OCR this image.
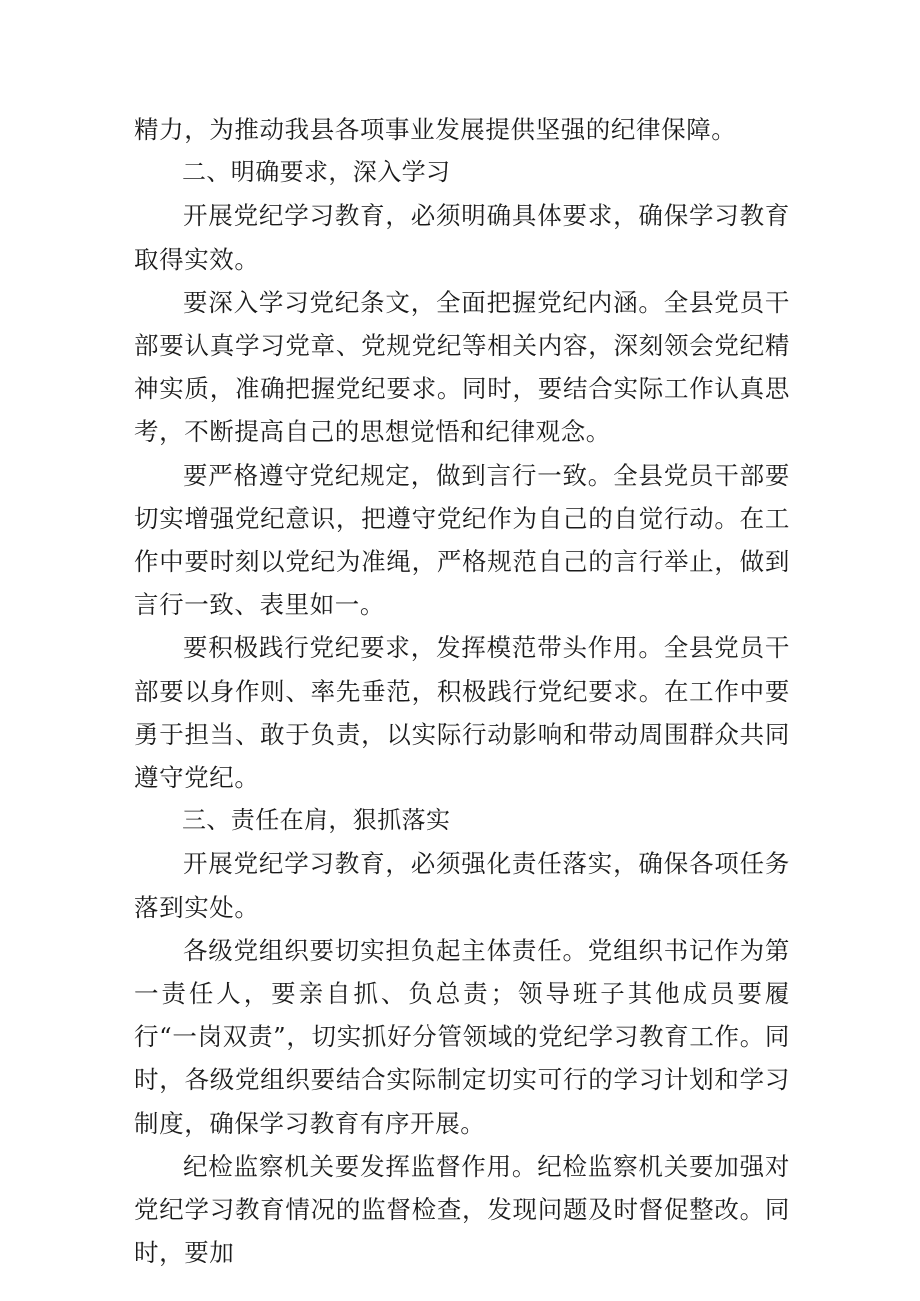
精力，为推动我县各项事业发展提供坚强的纪律保障。

二、明确要求，深入学习

开展党纪学习教育，必须明确具体要求，确保学习教育取得实效。

要深入学习党纪条文，全面把握党纪内涵。全县党员干部要认真学习党章、党规党纪等相关内容，深刻领会党纪精神实质，准确把握党纪要求。同时，要结合实际工作认真思考，不断提高自己的思想觉悟和纪律观念。

要严格遵守党纪规定，做到言行一致。全县党员干部要切实增强党纪意识，把遵守党纪作为自己的自觉行动。在工作中要时刻以党纪为准绳，严格规范自己的言行举止，做到言行一致、表里如一。

要积极践行党纪要求，发挥模范带头作用。全县党员干部要以身作则、率先垂范，积极践行党纪要求。在工作中要勇于担当、敢于负责，以实际行动影响和带动周围群众共同遵守党纪。

三、责任在肩，狠抓落实

开展党纪学习教育，必须强化责任落实，确保各项任务落到实处。

各级党组织要切实担负起主体责任。党组织书记作为第一责任人，要亲自抓、负总责；领导班子其他成员要履行“一岗双责”，切实抓好分管领域的党纪学习教育工作。同时，各级党组织要结合实际制定切实可行的学习计划和学习制度，确保学习教育有序开展。

纪检监察机关要发挥监督作用。纪检监察机关要加强对党纪学习教育情况的监督检查，发现问题及时督促整改。同时，要加
